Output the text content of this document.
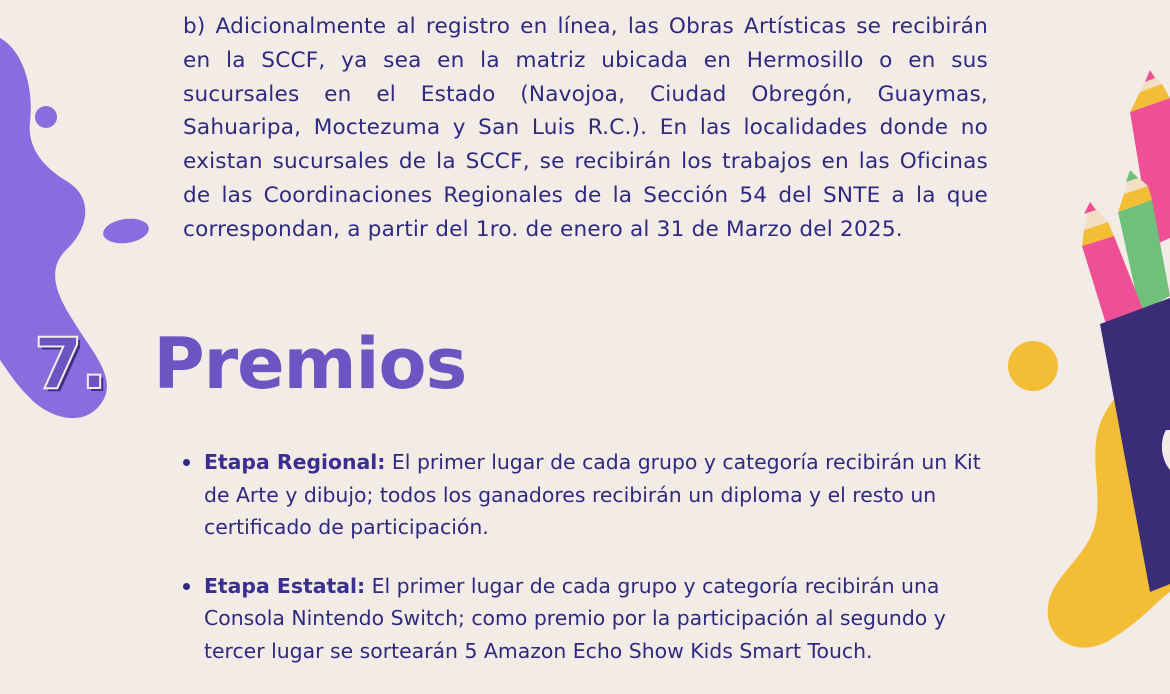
b) Adicionalmente al registro en línea, las Obras Artísticas se recibirán en la SCCF, ya sea en la matriz ubicada en Hermosillo o en sus sucursales en el Estado (Navojoa, Ciudad Obregón, Guaymas, Sahuaripa, Moctezuma y San Luis R.C.). En las localidades donde no existan sucursales de la SCCF, se recibirán los trabajos en las Oficinas de las Coordinaciones Regionales de la Sección 54 del SNTE a la que correspondan, a partir del 1ro. de enero al 31 de Marzo del 2025.

7. Premios
Etapa Regional: El primer lugar de cada grupo y categoría recibirán un Kit de Arte y dibujo; todos los ganadores recibirán un diploma y el resto un certificado de participación.
Etapa Estatal: El primer lugar de cada grupo y categoría recibirán una Consola Nintendo Switch; como premio por la participación al segundo y tercer lugar se sortearán 5 Amazon Echo Show Kids Smart Touch.
